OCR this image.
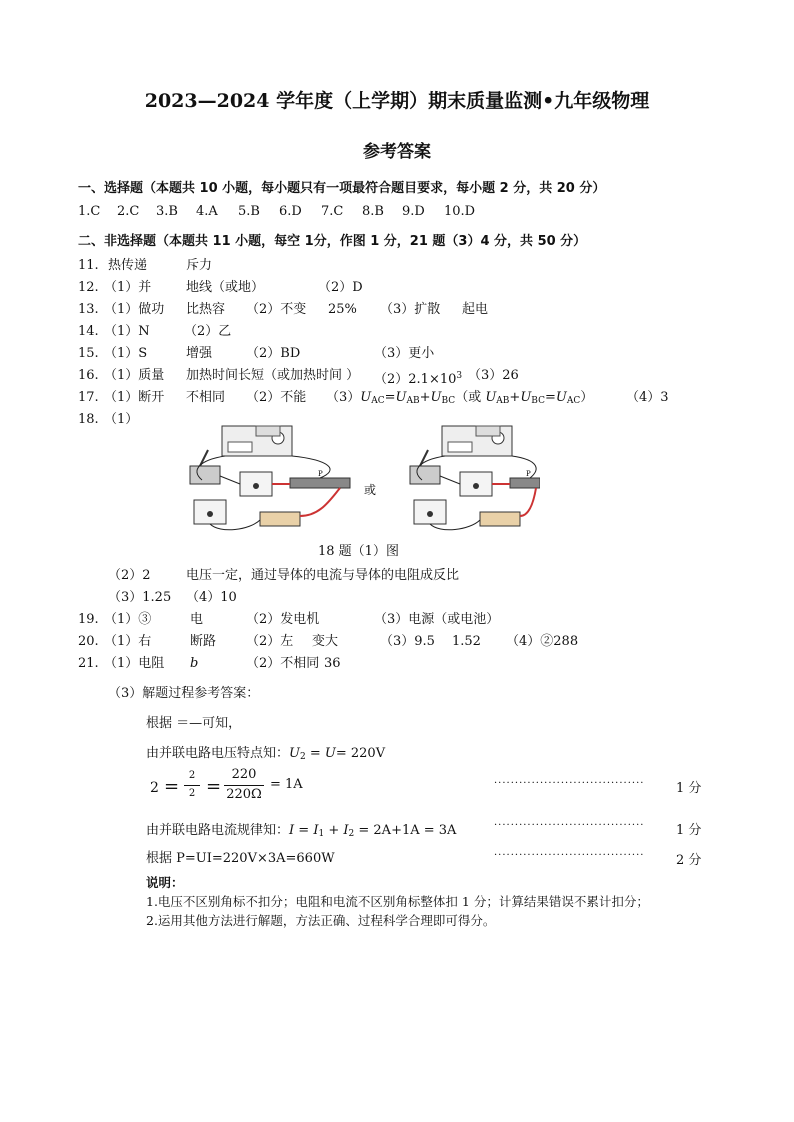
2023—2024 学年度（上学期）期末质量监测•九年级物理
参考答案
一、选择题（本题共 10 小题，每小题只有一项最符合题目要求，每小题 2 分，共 20 分）
1.C 2.C 3.B 4.A 5.B 6.D 7.C 8.B 9.D 10.D
二、非选择题（本题共 11 小题，每空 1分，作图 1 分，21 题（3）4 分，共 50 分）
11. 热传递	斥力
12. （1）并	地线（或地）	（2）D
13. （1）做功 比热容 （2）不变 25% （3）扩散 起电
14. （1）N	（2）乙
15. （1）S	增强	（2）BD	（3）更小
16. （1）质量 加热时间长短（或加热时间 ） $(2)2.1\times 10^3$ （3）26
17. （1）断开 不相同 （2）不能 $(3)U_{AC}=U_{AB}+U_{BC}$（或 $U_{AB}+U_{BC}=U_{AC}$）	（4）3
18. （1）
P
或
P
18 题（1）图
（2）2	电压一定，通过导体的电流与导体的电阻成反比
（3）1.25 （4）10
19. （1）③	电	（2）发电机	（3）电源（或电池）
20. （1）右	断路 （2）左 变大	（3）9.5 1.52 （4）②288
21. （1）电阻 b	（2）不相同 36
（3）解题过程参考答案：
根据 ＝—可知，
由并联电路电压特点知：$U_2 = U= 220V$
2 =
2
2 =
220
220Ω
= 1A	···································· 1 分
由并联电路电流规律知：$I = I_1 + I_2 = 2A+1A = 3A$	···································· 1 分
根据 P=UI=220V×3A=660W	···································· 2 分
说明：
1.电压不区别角标不扣分；电阻和电流不区别角标整体扣 1 分；计算结果错误不累计扣分；
2.运用其他方法进行解题，方法正确、过程科学合理即可得分。
